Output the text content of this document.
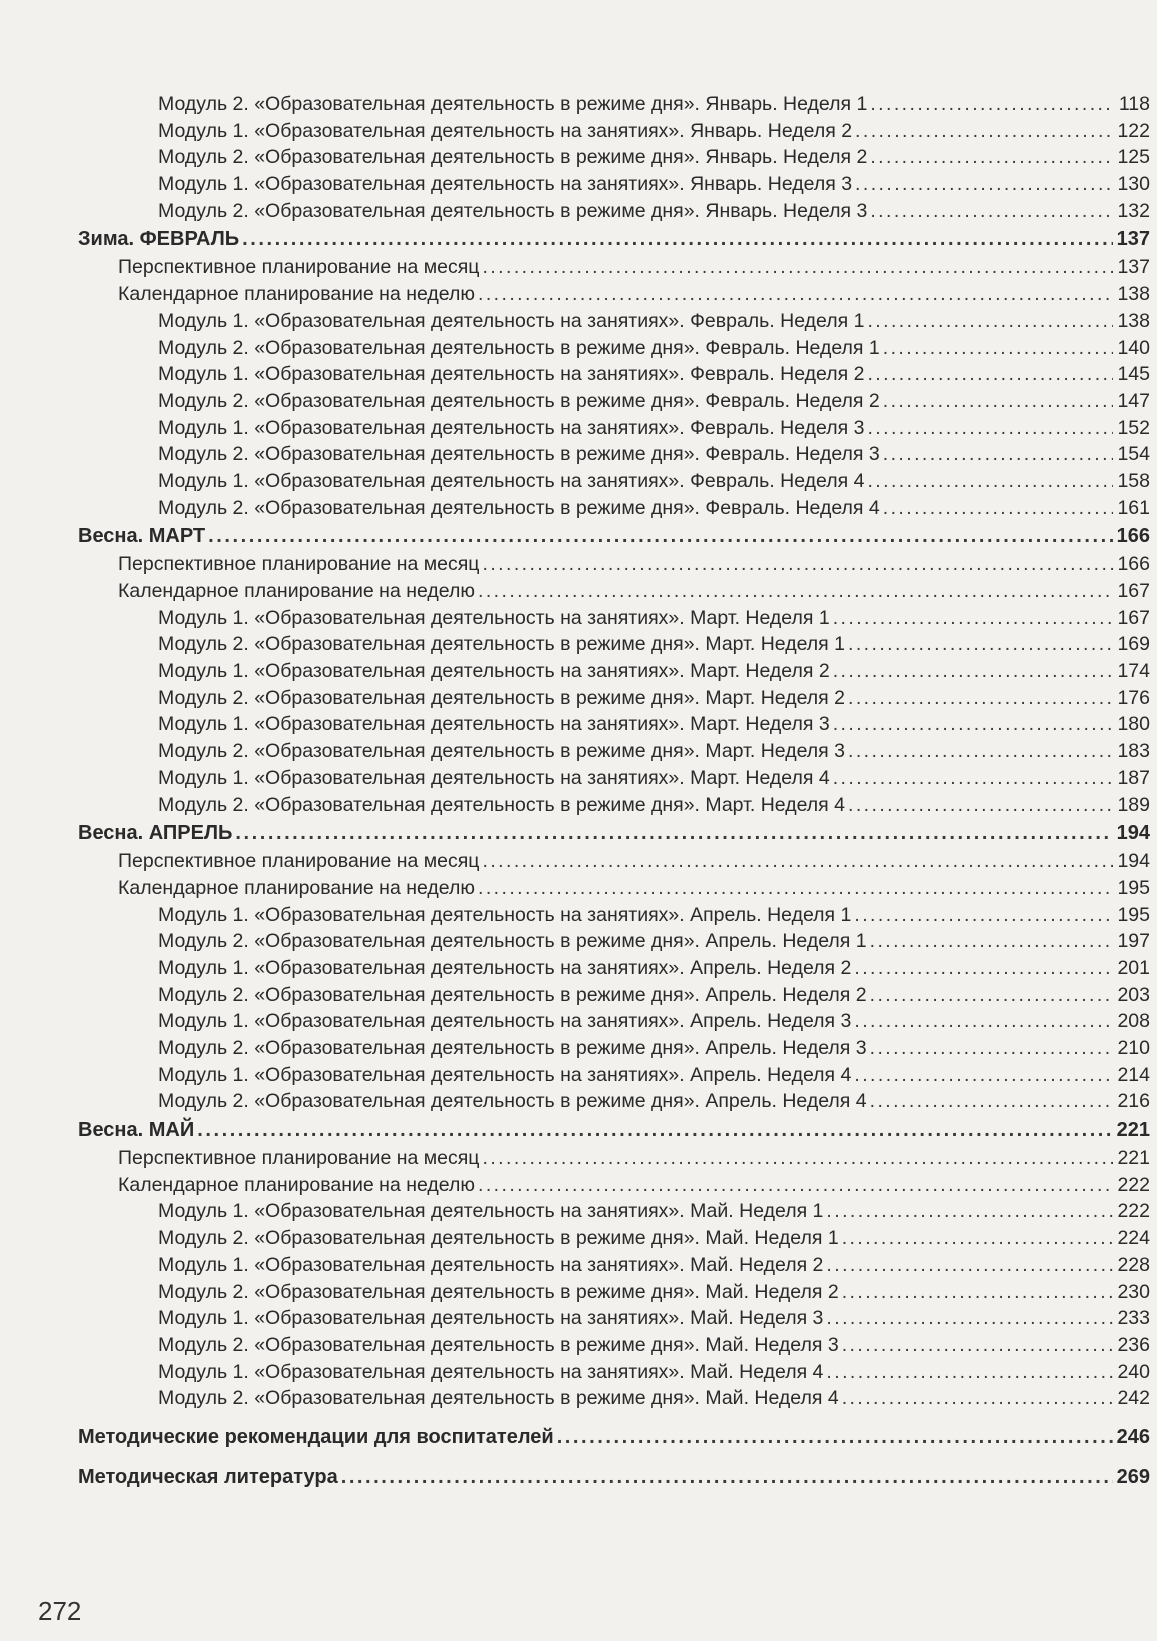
Модуль 2. «Образовательная деятельность в режиме дня». Январь. Неделя 1 . . .	118
Модуль 1. «Образовательная деятельность на занятиях». Январь. Неделя 2 . . .	122
Модуль 2. «Образовательная деятельность в режиме дня». Январь. Неделя 2 . . .	125
Модуль 1. «Образовательная деятельность на занятиях». Январь. Неделя 3 . . .	130
Модуль 2. «Образовательная деятельность в режиме дня». Январь. Неделя 3 . . .	132
Зима. ФЕВРАЛЬ . . .	137
Перспективное планирование на месяц . . .	137
Календарное планирование на неделю . . .	138
Модуль 1. «Образовательная деятельность на занятиях». Февраль. Неделя 1 . . .	138
Модуль 2. «Образовательная деятельность в режиме дня». Февраль. Неделя 1 . . .	140
Модуль 1. «Образовательная деятельность на занятиях». Февраль. Неделя 2 . . .	145
Модуль 2. «Образовательная деятельность в режиме дня». Февраль. Неделя 2 . . .	147
Модуль 1. «Образовательная деятельность на занятиях». Февраль. Неделя 3 . . .	152
Модуль 2. «Образовательная деятельность в режиме дня». Февраль. Неделя 3 . . .	154
Модуль 1. «Образовательная деятельность на занятиях». Февраль. Неделя 4 . . .	158
Модуль 2. «Образовательная деятельность в режиме дня». Февраль. Неделя 4 . . .	161
Весна. МАРТ . . .	166
Перспективное планирование на месяц . . .	166
Календарное планирование на неделю . . .	167
Модуль 1. «Образовательная деятельность на занятиях». Март. Неделя 1 . . .	167
Модуль 2. «Образовательная деятельность в режиме дня». Март. Неделя 1 . . .	169
Модуль 1. «Образовательная деятельность на занятиях». Март. Неделя 2 . . .	174
Модуль 2. «Образовательная деятельность в режиме дня». Март. Неделя 2 . . .	176
Модуль 1. «Образовательная деятельность на занятиях». Март. Неделя 3 . . .	180
Модуль 2. «Образовательная деятельность в режиме дня». Март. Неделя 3 . . .	183
Модуль 1. «Образовательная деятельность на занятиях». Март. Неделя 4 . . .	187
Модуль 2. «Образовательная деятельность в режиме дня». Март. Неделя 4 . . .	189
Весна. АПРЕЛЬ . . .	194
Перспективное планирование на месяц . . .	194
Календарное планирование на неделю . . .	195
Модуль 1. «Образовательная деятельность на занятиях». Апрель. Неделя 1 . . .	195
Модуль 2. «Образовательная деятельность в режиме дня». Апрель. Неделя 1 . . .	197
Модуль 1. «Образовательная деятельность на занятиях». Апрель. Неделя 2 . . .	201
Модуль 2. «Образовательная деятельность в режиме дня». Апрель. Неделя 2 . . .	203
Модуль 1. «Образовательная деятельность на занятиях». Апрель. Неделя 3 . . .	208
Модуль 2. «Образовательная деятельность в режиме дня». Апрель. Неделя 3 . . .	210
Модуль 1. «Образовательная деятельность на занятиях». Апрель. Неделя 4 . . .	214
Модуль 2. «Образовательная деятельность в режиме дня». Апрель. Неделя 4 . . .	216
Весна. МАЙ . . .	221
Перспективное планирование на месяц . . .	221
Календарное планирование на неделю . . .	222
Модуль 1. «Образовательная деятельность на занятиях». Май. Неделя 1 . . .	222
Модуль 2. «Образовательная деятельность в режиме дня». Май. Неделя 1 . . .	224
Модуль 1. «Образовательная деятельность на занятиях». Май. Неделя 2 . . .	228
Модуль 2. «Образовательная деятельность в режиме дня». Май. Неделя 2 . . .	230
Модуль 1. «Образовательная деятельность на занятиях». Май. Неделя 3 . . .	233
Модуль 2. «Образовательная деятельность в режиме дня». Май. Неделя 3 . . .	236
Модуль 1. «Образовательная деятельность на занятиях». Май. Неделя 4 . . .	240
Модуль 2. «Образовательная деятельность в режиме дня». Май. Неделя 4 . . .	242
Методические рекомендации для воспитателей . . .	246
Методическая литература . . .	269
272
